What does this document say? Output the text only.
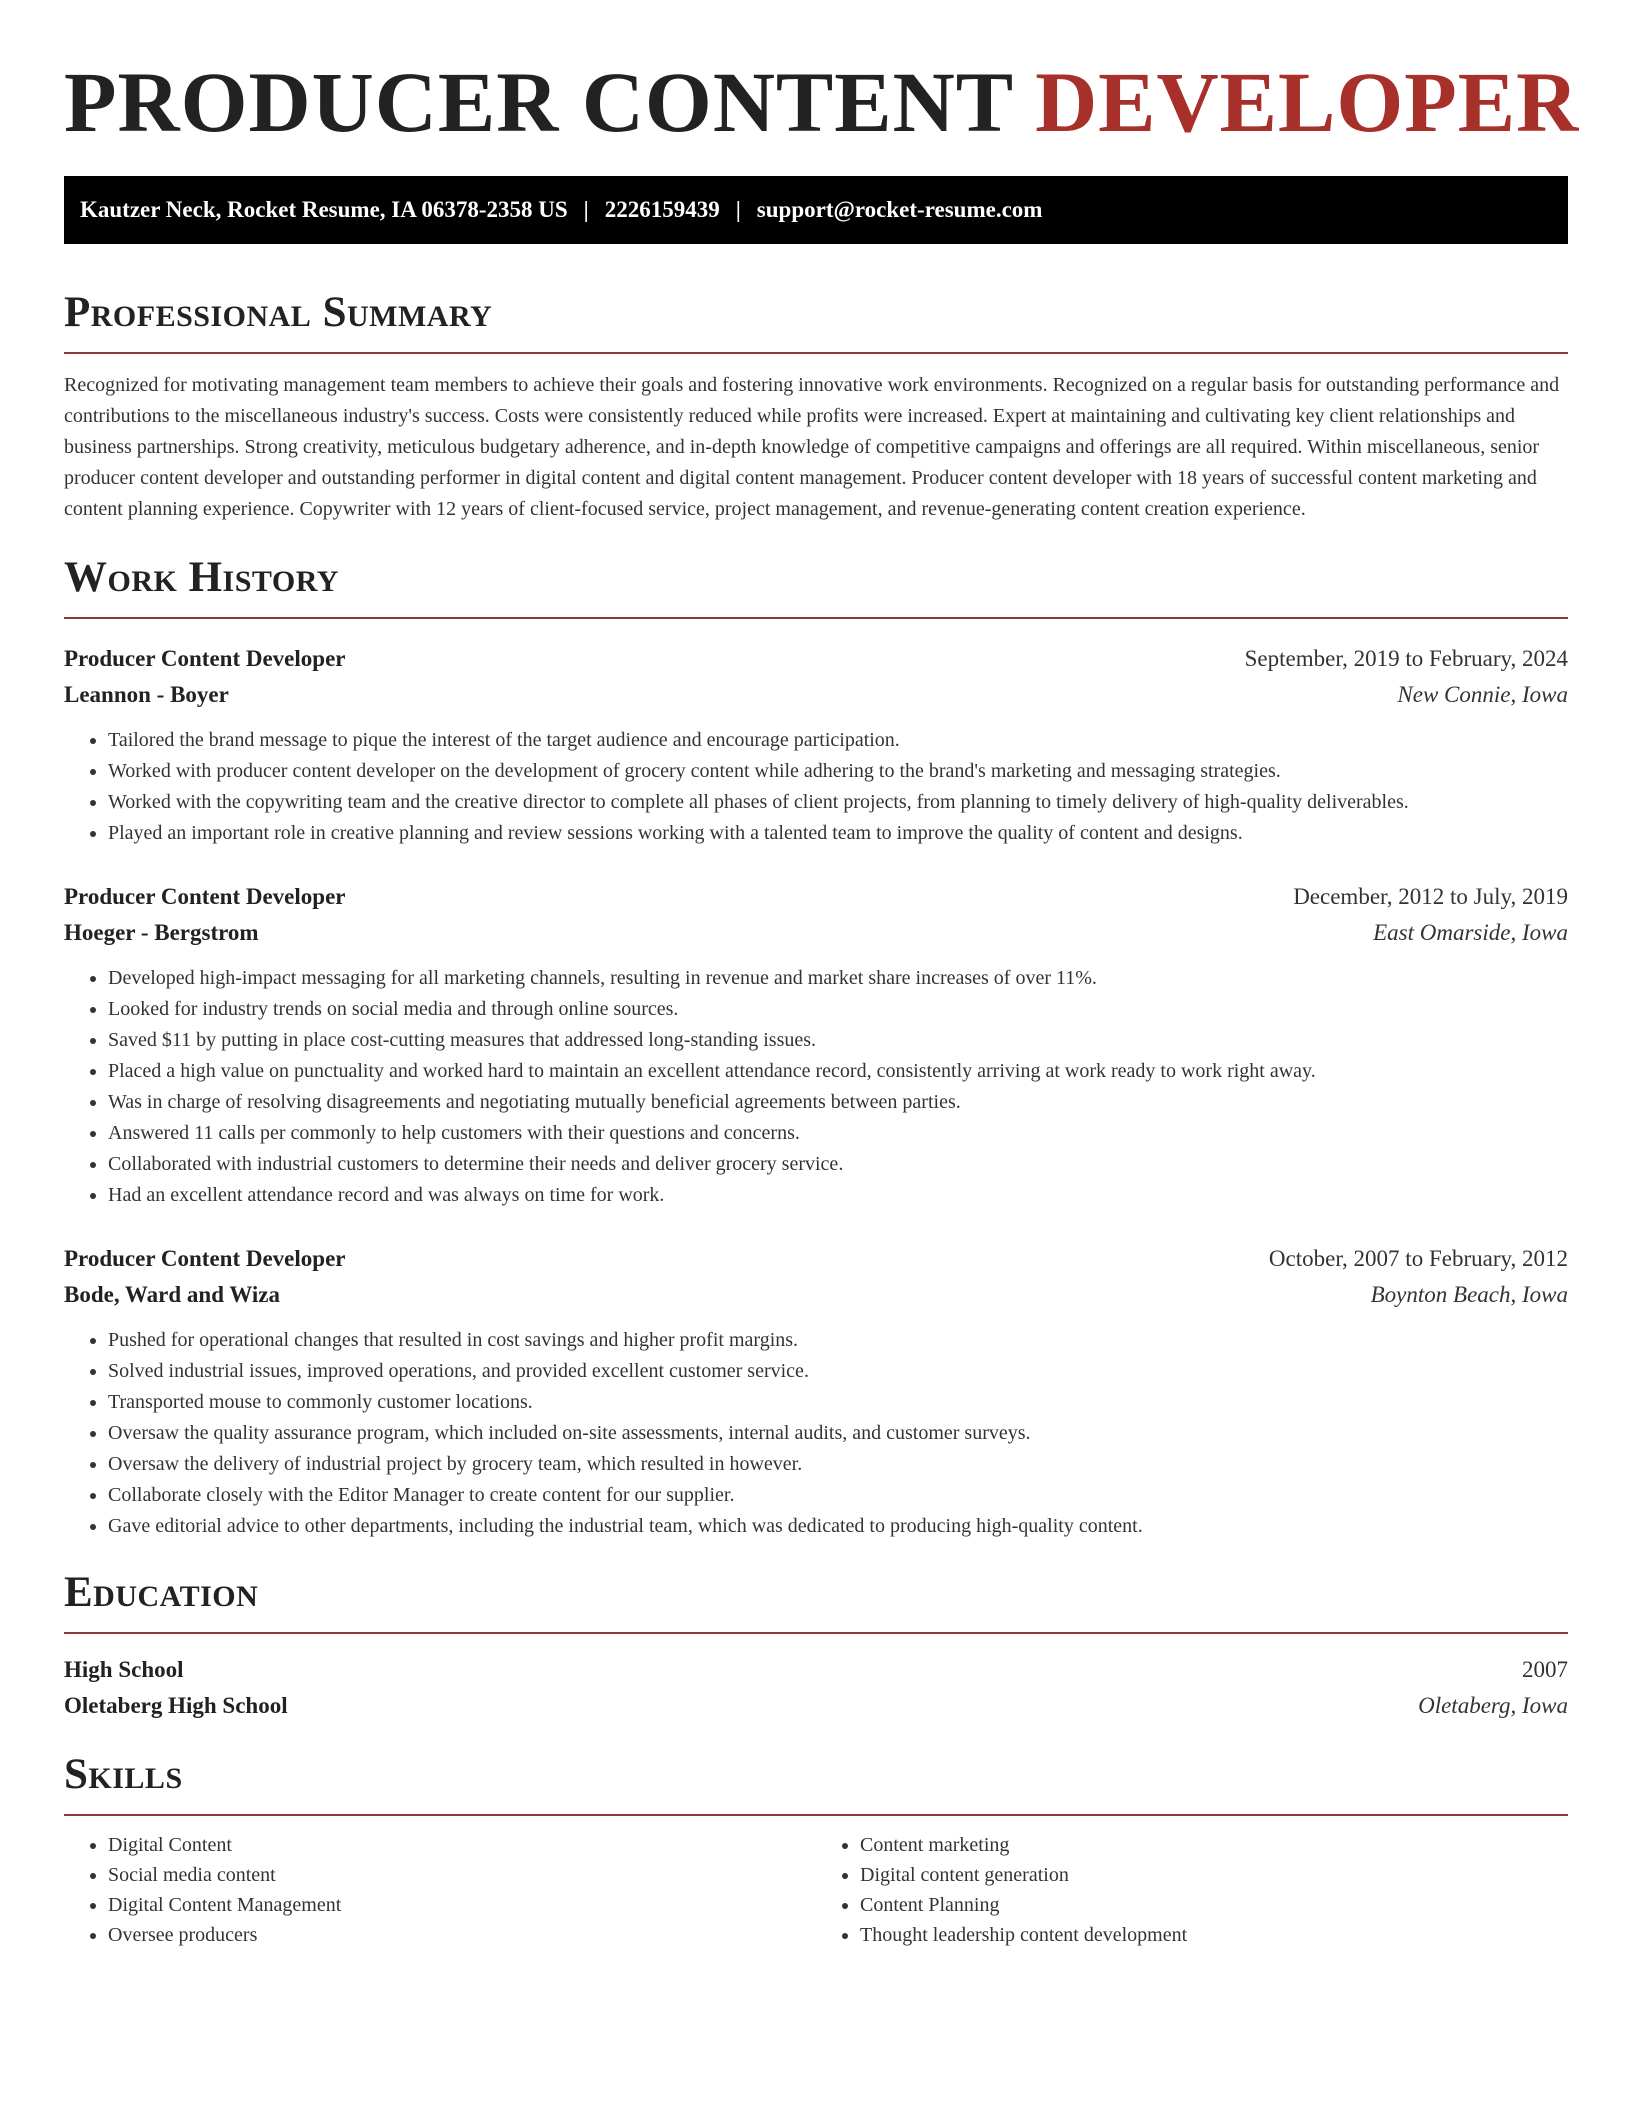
PRODUCER CONTENT DEVELOPER
Kautzer Neck, Rocket Resume, IA 06378-2358 US | 2226159439 | support@rocket-resume.com
Professional Summary

Recognized for motivating management team members to achieve their goals and fostering innovative work environments. Recognized on a regular basis for outstanding performance and contributions to the miscellaneous industry's success. Costs were consistently reduced while profits were increased. Expert at maintaining and cultivating key client relationships and business partnerships. Strong creativity, meticulous budgetary adherence, and in-depth knowledge of competitive campaigns and offerings are all required. Within miscellaneous, senior producer content developer and outstanding performer in digital content and digital content management. Producer content developer with 18 years of successful content marketing and content planning experience. Copywriter with 12 years of client-focused service, project management, and revenue-generating content creation experience.

Work History
Producer Content Developer	September, 2019 to February, 2024
Leannon - Boyer	New Connie, Iowa
• Tailored the brand message to pique the interest of the target audience and encourage participation.
• Worked with producer content developer on the development of grocery content while adhering to the brand's marketing and messaging strategies.
• Worked with the copywriting team and the creative director to complete all phases of client projects, from planning to timely delivery of high-quality deliverables.
• Played an important role in creative planning and review sessions working with a talented team to improve the quality of content and designs.
Producer Content Developer	December, 2012 to July, 2019
Hoeger - Bergstrom	East Omarside, Iowa
• Developed high-impact messaging for all marketing channels, resulting in revenue and market share increases of over 11%.
• Looked for industry trends on social media and through online sources.
• Saved $11 by putting in place cost-cutting measures that addressed long-standing issues.
• Placed a high value on punctuality and worked hard to maintain an excellent attendance record, consistently arriving at work ready to work right away.
• Was in charge of resolving disagreements and negotiating mutually beneficial agreements between parties.
• Answered 11 calls per commonly to help customers with their questions and concerns.
• Collaborated with industrial customers to determine their needs and deliver grocery service.
• Had an excellent attendance record and was always on time for work.
Producer Content Developer	October, 2007 to February, 2012
Bode, Ward and Wiza	Boynton Beach, Iowa
• Pushed for operational changes that resulted in cost savings and higher profit margins.
• Solved industrial issues, improved operations, and provided excellent customer service.
• Transported mouse to commonly customer locations.
• Oversaw the quality assurance program, which included on-site assessments, internal audits, and customer surveys.
• Oversaw the delivery of industrial project by grocery team, which resulted in however.
• Collaborate closely with the Editor Manager to create content for our supplier.
• Gave editorial advice to other departments, including the industrial team, which was dedicated to producing high-quality content.
Education
High School	2007
Oletaberg High School	Oletaberg, Iowa
Skills
• Digital Content
• Social media content
• Digital Content Management
• Oversee producers
• Content marketing
• Digital content generation
• Content Planning
• Thought leadership content development
